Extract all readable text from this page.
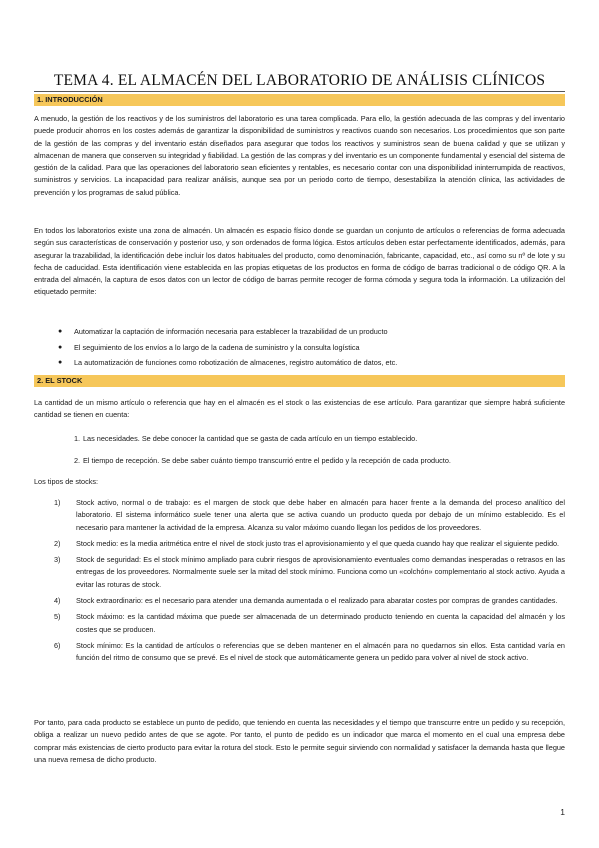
TEMA 4. EL ALMACÉN DEL LABORATORIO DE ANÁLISIS CLÍNICOS
1. INTRODUCCIÓN
A menudo, la gestión de los reactivos y de los suministros del laboratorio es una tarea complicada. Para ello, la gestión adecuada de las compras y del inventario puede producir ahorros en los costes además de garantizar la disponibilidad de suministros y reactivos cuando son necesarios. Los procedimientos que son parte de la gestión de las compras y del inventario están diseñados para asegurar que todos los reactivos y suministros sean de buena calidad y que se utilizan y almacenan de manera que conserven su integridad y fiabilidad. La gestión de las compras y del inventario es un componente fundamental y esencial del sistema de gestión de la calidad. Para que las operaciones del laboratorio sean eficientes y rentables, es necesario contar con una disponibilidad ininterrumpida de reactivos, suministros y servicios. La incapacidad para realizar análisis, aunque sea por un periodo corto de tiempo, desestabiliza la atención clínica, las actividades de prevención y los programas de salud pública.
En todos los laboratorios existe una zona de almacén. Un almacén es espacio físico donde se guardan un conjunto de artículos o referencias de forma adecuada según sus características de conservación y posterior uso, y son ordenados de forma lógica. Estos artículos deben estar perfectamente identificados, además, para asegurar la trazabilidad, la identificación debe incluir los datos habituales del producto, como denominación, fabricante, capacidad, etc., así como su nº de lote y su fecha de caducidad. Esta identificación viene establecida en las propias etiquetas de los productos en forma de código de barras tradicional o de código QR. A la entrada del almacén, la captura de esos datos con un lector de código de barras permite recoger de forma cómoda y segura toda la información. La utilización del etiquetado permite:
● Automatizar la captación de información necesaria para establecer la trazabilidad de un producto
● El seguimiento de los envíos a lo largo de la cadena de suministro y la consulta logística
● La automatización de funciones como robotización de almacenes, registro automático de datos, etc.
2. EL STOCK
La cantidad de un mismo artículo o referencia que hay en el almacén es el stock o las existencias de ese artículo. Para garantizar que siempre habrá suficiente cantidad se tienen en cuenta:
1. Las necesidades. Se debe conocer la cantidad que se gasta de cada artículo en un tiempo establecido.
2. El tiempo de recepción. Se debe saber cuánto tiempo transcurrió entre el pedido y la recepción de cada producto.
Los tipos de stocks:
1) Stock activo, normal o de trabajo: es el margen de stock que debe haber en almacén para hacer frente a la demanda del proceso analítico del laboratorio. El sistema informático suele tener una alerta que se activa cuando un producto queda por debajo de un mínimo establecido. Es el necesario para mantener la actividad de la empresa. Alcanza su valor máximo cuando llegan los pedidos de los proveedores.
2) Stock medio: es la media aritmética entre el nivel de stock justo tras el aprovisionamiento y el que queda cuando hay que realizar el siguiente pedido.
3) Stock de seguridad: Es el stock mínimo ampliado para cubrir riesgos de aprovisionamiento eventuales como demandas inesperadas o retrasos en las entregas de los proveedores. Normalmente suele ser la mitad del stock mínimo. Funciona como un «colchón» complementario al stock activo. Ayuda a evitar las roturas de stock.
4) Stock extraordinario: es el necesario para atender una demanda aumentada o el realizado para abaratar costes por compras de grandes cantidades.
5) Stock máximo: es la cantidad máxima que puede ser almacenada de un determinado producto teniendo en cuenta la capacidad del almacén y los costes que se producen.
6) Stock mínimo: Es la cantidad de artículos o referencias que se deben mantener en el almacén para no quedarnos sin ellos. Esta cantidad varía en función del ritmo de consumo que se prevé. Es el nivel de stock que automáticamente genera un pedido para volver al nivel de stock activo.
Por tanto, para cada producto se establece un punto de pedido, que teniendo en cuenta las necesidades y el tiempo que transcurre entre un pedido y su recepción, obliga a realizar un nuevo pedido antes de que se agote. Por tanto, el punto de pedido es un indicador que marca el momento en el cual una empresa debe comprar más existencias de cierto producto para evitar la rotura del stock. Esto le permite seguir sirviendo con normalidad y satisfacer la demanda hasta que llegue una nueva remesa de dicho producto.
1
